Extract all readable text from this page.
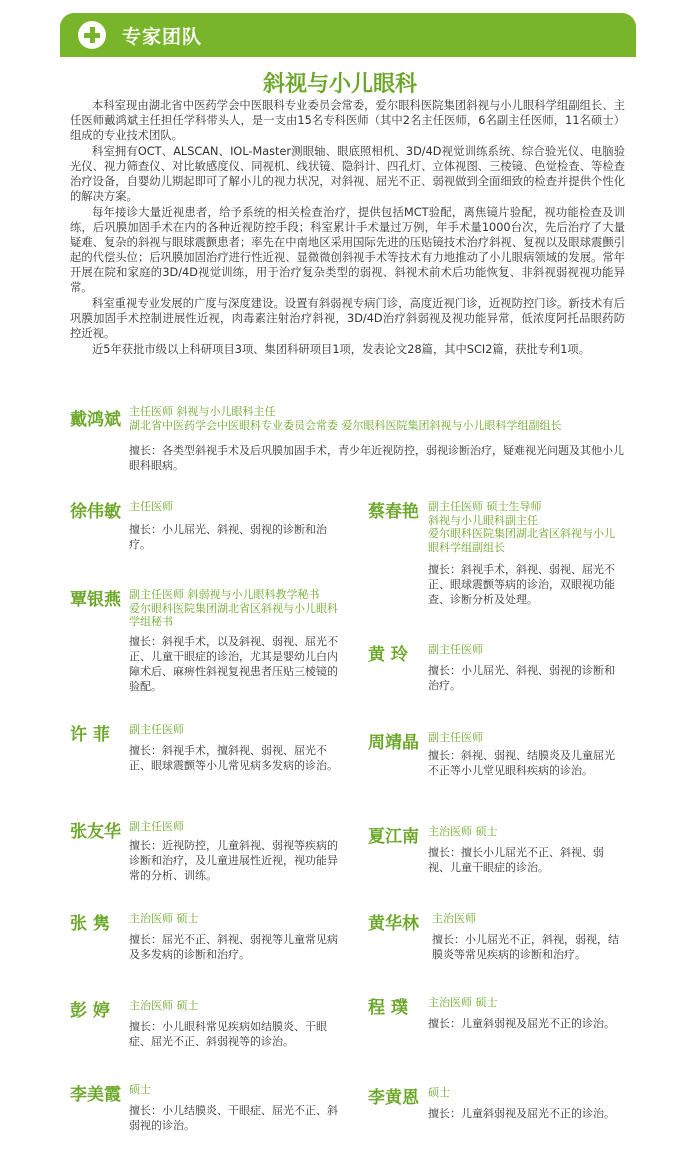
专家团队
斜视与小儿眼科

本科室现由湖北省中医药学会中医眼科专业委员会常委，爱尔眼科医院集团斜视与小儿眼科学组副组长、主任医师戴鸿斌主任担任学科带头人，是一支由15名专科医师（其中2名主任医师，6名副主任医师，11名硕士）组成的专业技术团队。

科室拥有OCT、ALSCAN、IOL-Master测眼轴、眼底照相机、3D/4D视觉训练系统、综合验光仪、电脑验光仪、视力筛查仪、对比敏感度仪、同视机、线状镜、隐斜计、四孔灯、立体视图、三棱镜、色觉检查、等检查治疗设备，自婴幼儿期起即可了解小儿的视力状况，对斜视、屈光不正、弱视做到全面细致的检查并提供个性化的解决方案。

每年接诊大量近视患者，给予系统的相关检查治疗，提供包括MCT验配，离焦镜片验配，视功能检查及训练，后巩膜加固手术在内的各种近视防控手段；科室累计手术量过万例，年手术量1000台次，先后治疗了大量疑难、复杂的斜视与眼球震颤患者；率先在中南地区采用国际先进的压贴镜技术治疗斜视、复视以及眼球震颤引起的代偿头位；后巩膜加固治疗进行性近视、显微微创斜视手术等技术有力地推动了小儿眼病领域的发展。常年开展在院和家庭的3D/4D视觉训练，用于治疗复杂类型的弱视、斜视术前术后功能恢复、非斜视弱视视功能异常。

科室重视专业发展的广度与深度建设。设置有斜弱视专病门诊，高度近视门诊，近视防控门诊。新技术有后巩膜加固手术控制进展性近视，肉毒素注射治疗斜视，3D/4D治疗斜弱视及视功能异常，低浓度阿托品眼药防控近视。

近5年获批市级以上科研项目3项、集团科研项目1项，发表论文28篇，其中SCI2篇，获批专利1项。

戴鸿斌 主任医师 斜视与小儿眼科主任
湖北省中医药学会中医眼科专业委员会常委 爱尔眼科医院集团斜视与小儿眼科学组副组长
擅长：各类型斜视手术及后巩膜加固手术，青少年近视防控，弱视诊断治疗，疑难视光问题及其他小儿眼科眼病。
徐伟敏 主任医师
擅长：小儿屈光、斜视、弱视的诊断和治疗。
蔡春艳 副主任医师 硕士生导师
斜视与小儿眼科副主任
爱尔眼科医院集团湖北省区斜视与小儿眼科学组副组长
擅长：斜视手术，斜视、弱视、屈光不正、眼球震颤等病的诊治，双眼视功能查、诊断分析及处理。
覃银燕 副主任医师 斜弱视与小儿眼科教学秘书
爱尔眼科医院集团湖北省区斜视与小儿眼科学组秘书
擅长：斜视手术，以及斜视、弱视、屈光不正、儿童干眼症的诊治，尤其是婴幼儿白内障术后、麻痹性斜视复视患者压贴三棱镜的验配。
黄 玲 副主任医师
擅长：小儿屈光、斜视、弱视的诊断和治疗。
许 菲 副主任医师
擅长：斜视手术，擅斜视、弱视、屈光不正、眼球震颤等小儿常见病多发病的诊治。
周靖晶 副主任医师
擅长：斜视、弱视、结膜炎及儿童屈光不正等小儿堂见眼科疾病的诊治。
张友华 副主任医师
擅长：近视防控，儿童斜视、弱视等疾病的诊断和治疗，及儿童进展性近视，视功能异常的分析、训练。
夏江南 主治医师 硕士
擅长：擅长小儿屈光不正、斜视、弱视、儿童干眼症的诊治。
张 隽 主治医师 硕士
擅长：屈光不正、斜视、弱视等儿童常见病及多发病的诊断和治疗。
黄华林 主治医师
擅长：小儿屈光不正，斜视，弱视，结膜炎等常见疾病的诊断和治疗。
彭 婷 主治医师 硕士
擅长：小儿眼科常见疾病如结膜炎、干眼症、屈光不正、斜弱视等的诊治。
程 璞 主治医师 硕士
擅长：儿童斜弱视及屈光不正的诊治。
李美霞 硕士
擅长：小儿结膜炎、干眼症、屈光不正、斜弱视的诊治。
李黄恩 硕士
擅长：儿童斜弱视及屈光不正的诊治。
